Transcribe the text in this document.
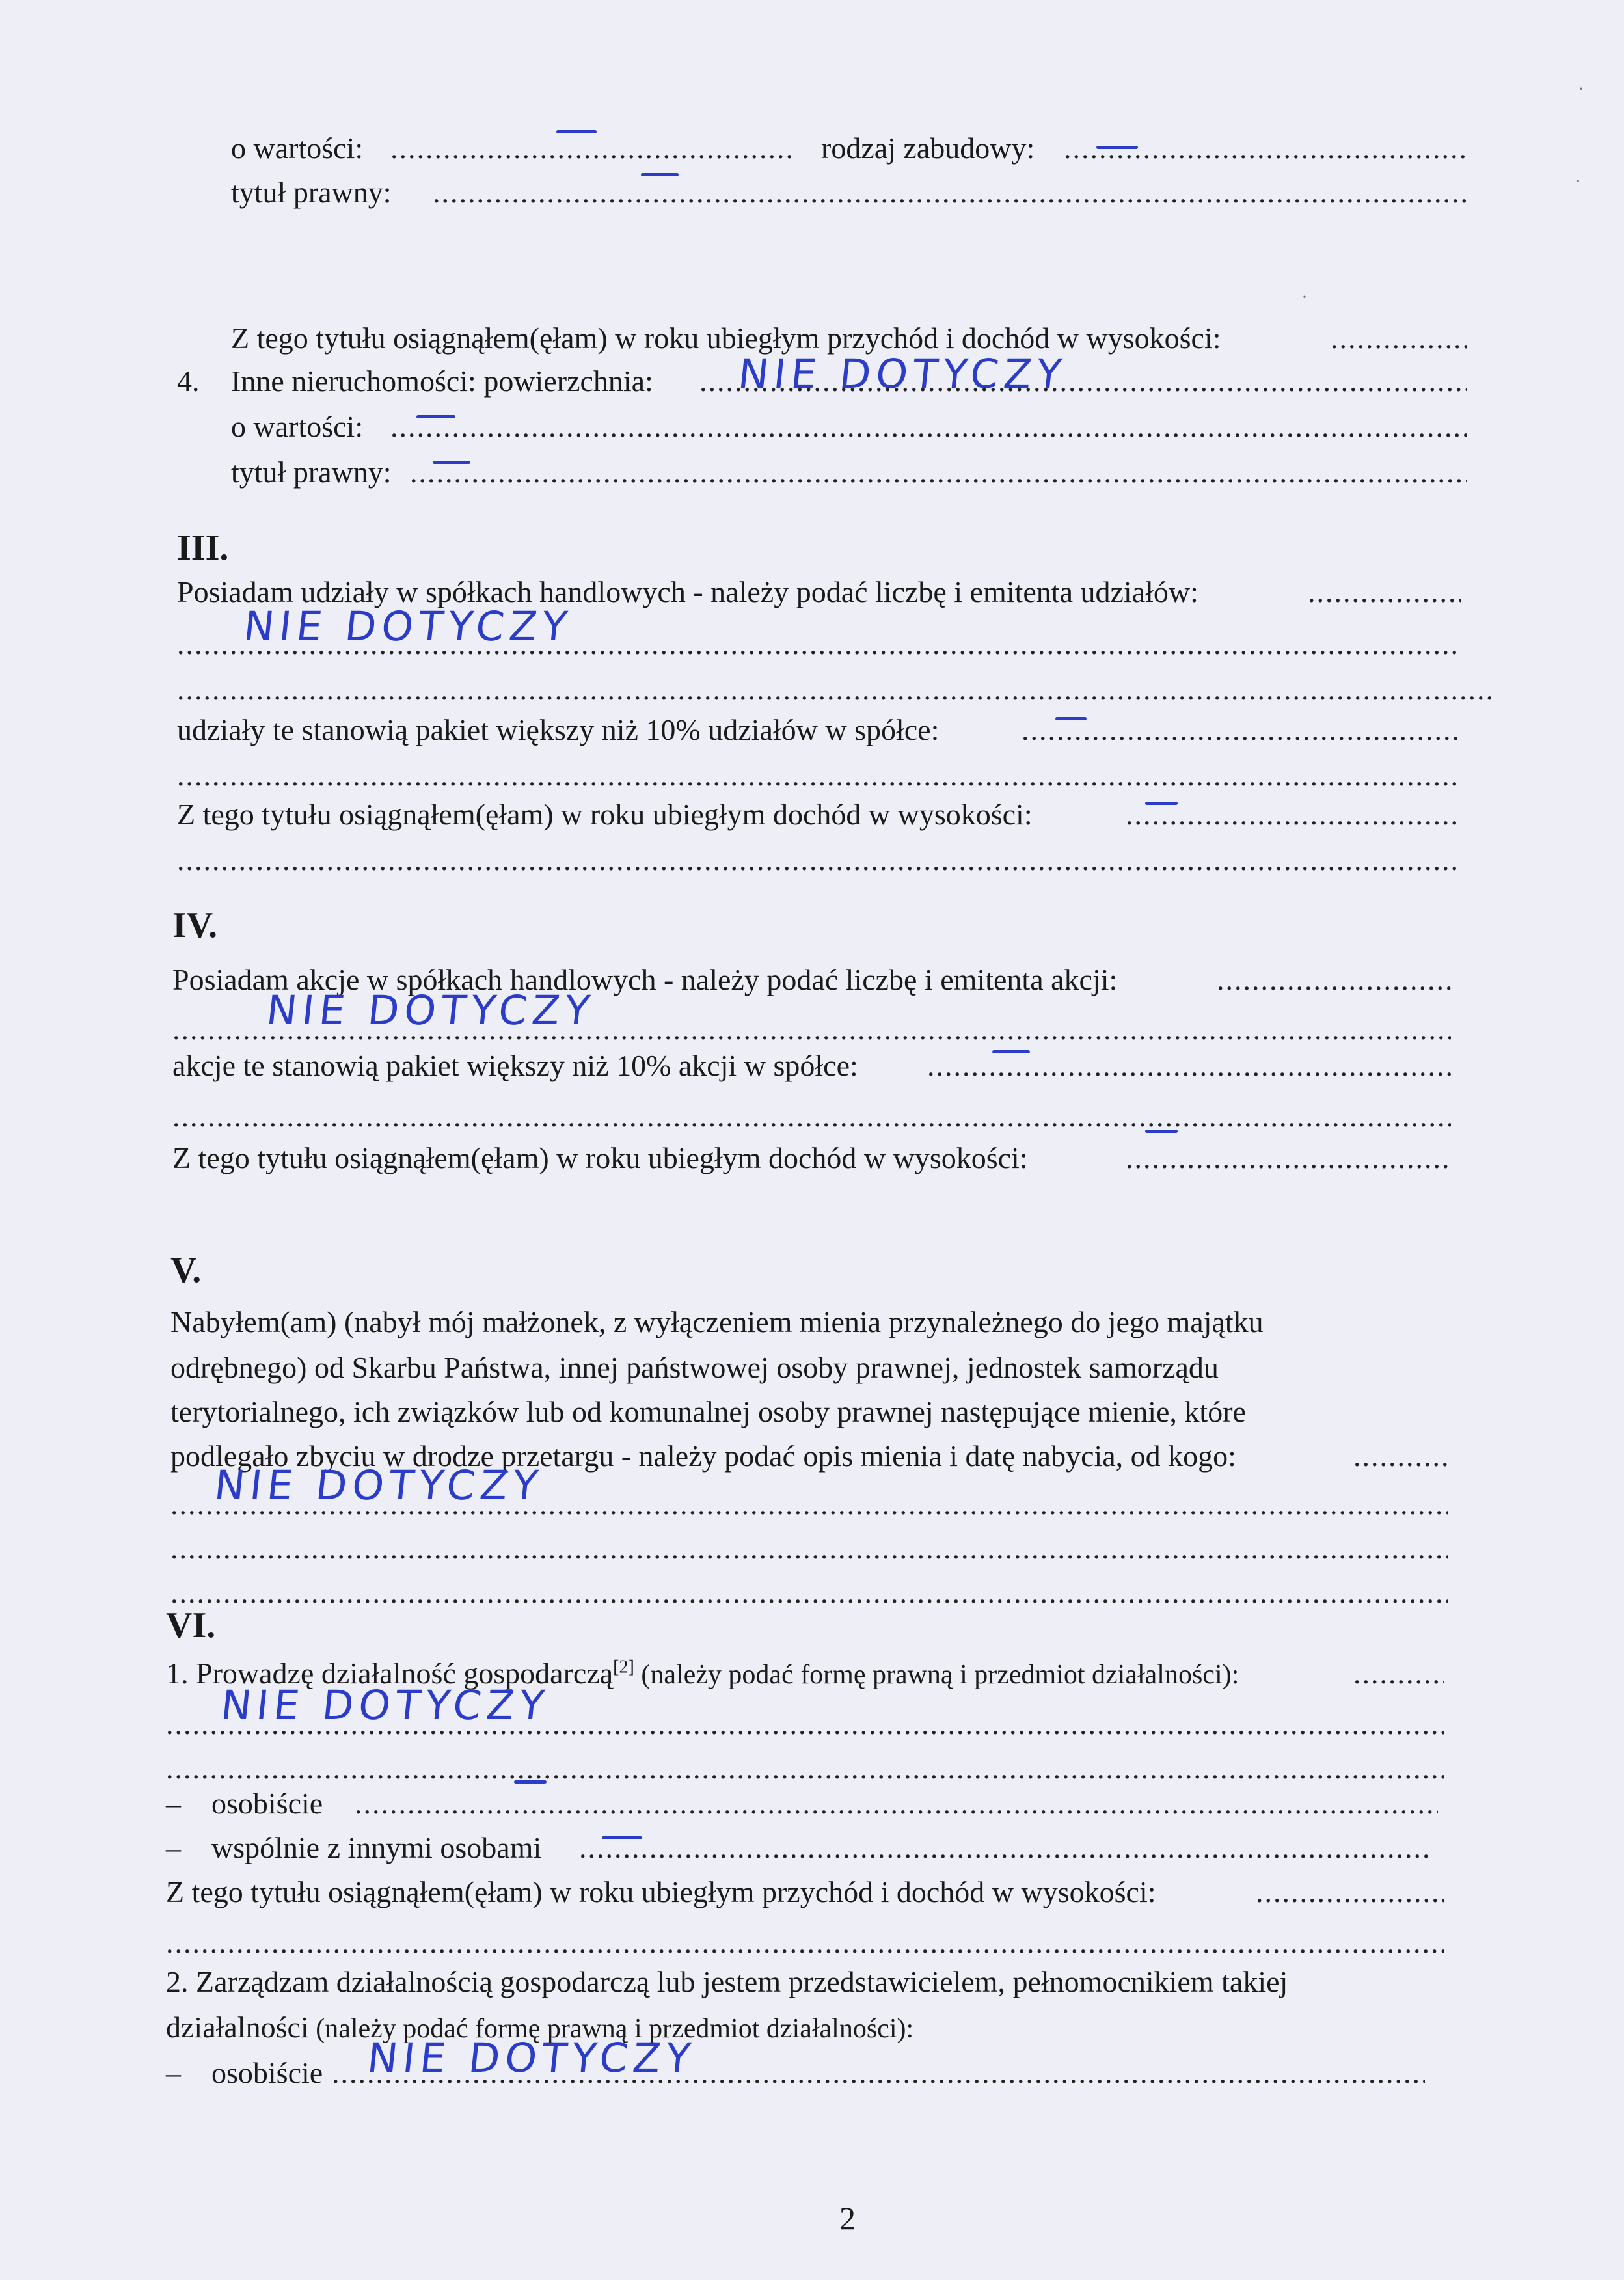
o wartości: .....	rodzaj zabudowy:
.....
tytuł prawny:
.....
Z tego tytułu osiągnąłem(ęłam) w roku ubiegłym przychód i dochód w wysokości:
.....
4. Inne nieruchomości: powierzchnia: ..... NIE DOTYCZY
o wartości:
.....
tytuł prawny:
.....
III.
Posiadam udziały w spółkach handlowych - należy podać liczbę i emitenta udziałów:
.....
.....
NIE DOTYCZY
.....
udziały te stanowią pakiet większy niż 10% udziałów w spółce:
.....
.....
Z tego tytułu osiągnąłem(ęłam) w roku ubiegłym dochód w wysokości:
.....
.....
IV.
Posiadam akcje w spółkach handlowych - należy podać liczbę i emitenta akcji:
.....
.....
NIE DOTYCZY
akcje te stanowią pakiet większy niż 10% akcji w spółce:
.....
.....
Z tego tytułu osiągnąłem(ęłam) w roku ubiegłym dochód w wysokości:
.....
V.
Nabyłem(am) (nabył mój małżonek, z wyłączeniem mienia przynależnego do jego majątku
odrębnego) od Skarbu Państwa, innej państwowej osoby prawnej, jednostek samorządu
terytorialnego, ich związków lub od komunalnej osoby prawnej następujące mienie, które
podlegało zbyciu w drodze przetargu - należy podać opis mienia i datę nabycia, od kogo:
.....
.....
NIE DOTYCZY
.....
.....
VI.
1. Prowadzę działalność gospodarczą[2] (należy podać formę prawną i przedmiot działalności):
.....
.....
NIE DOTYCZY
.....
– osobiście
.....
– wspólnie z innymi osobami
.....
Z tego tytułu osiągnąłem(ęłam) w roku ubiegłym przychód i dochód w wysokości:
.....
.....
2. Zarządzam działalnością gospodarczą lub jestem przedstawicielem, pełnomocnikiem takiej
działalności (należy podać formę prawną i przedmiot działalności):
– osobiście ..... NIE DOTYCZY
2
·
·
·
